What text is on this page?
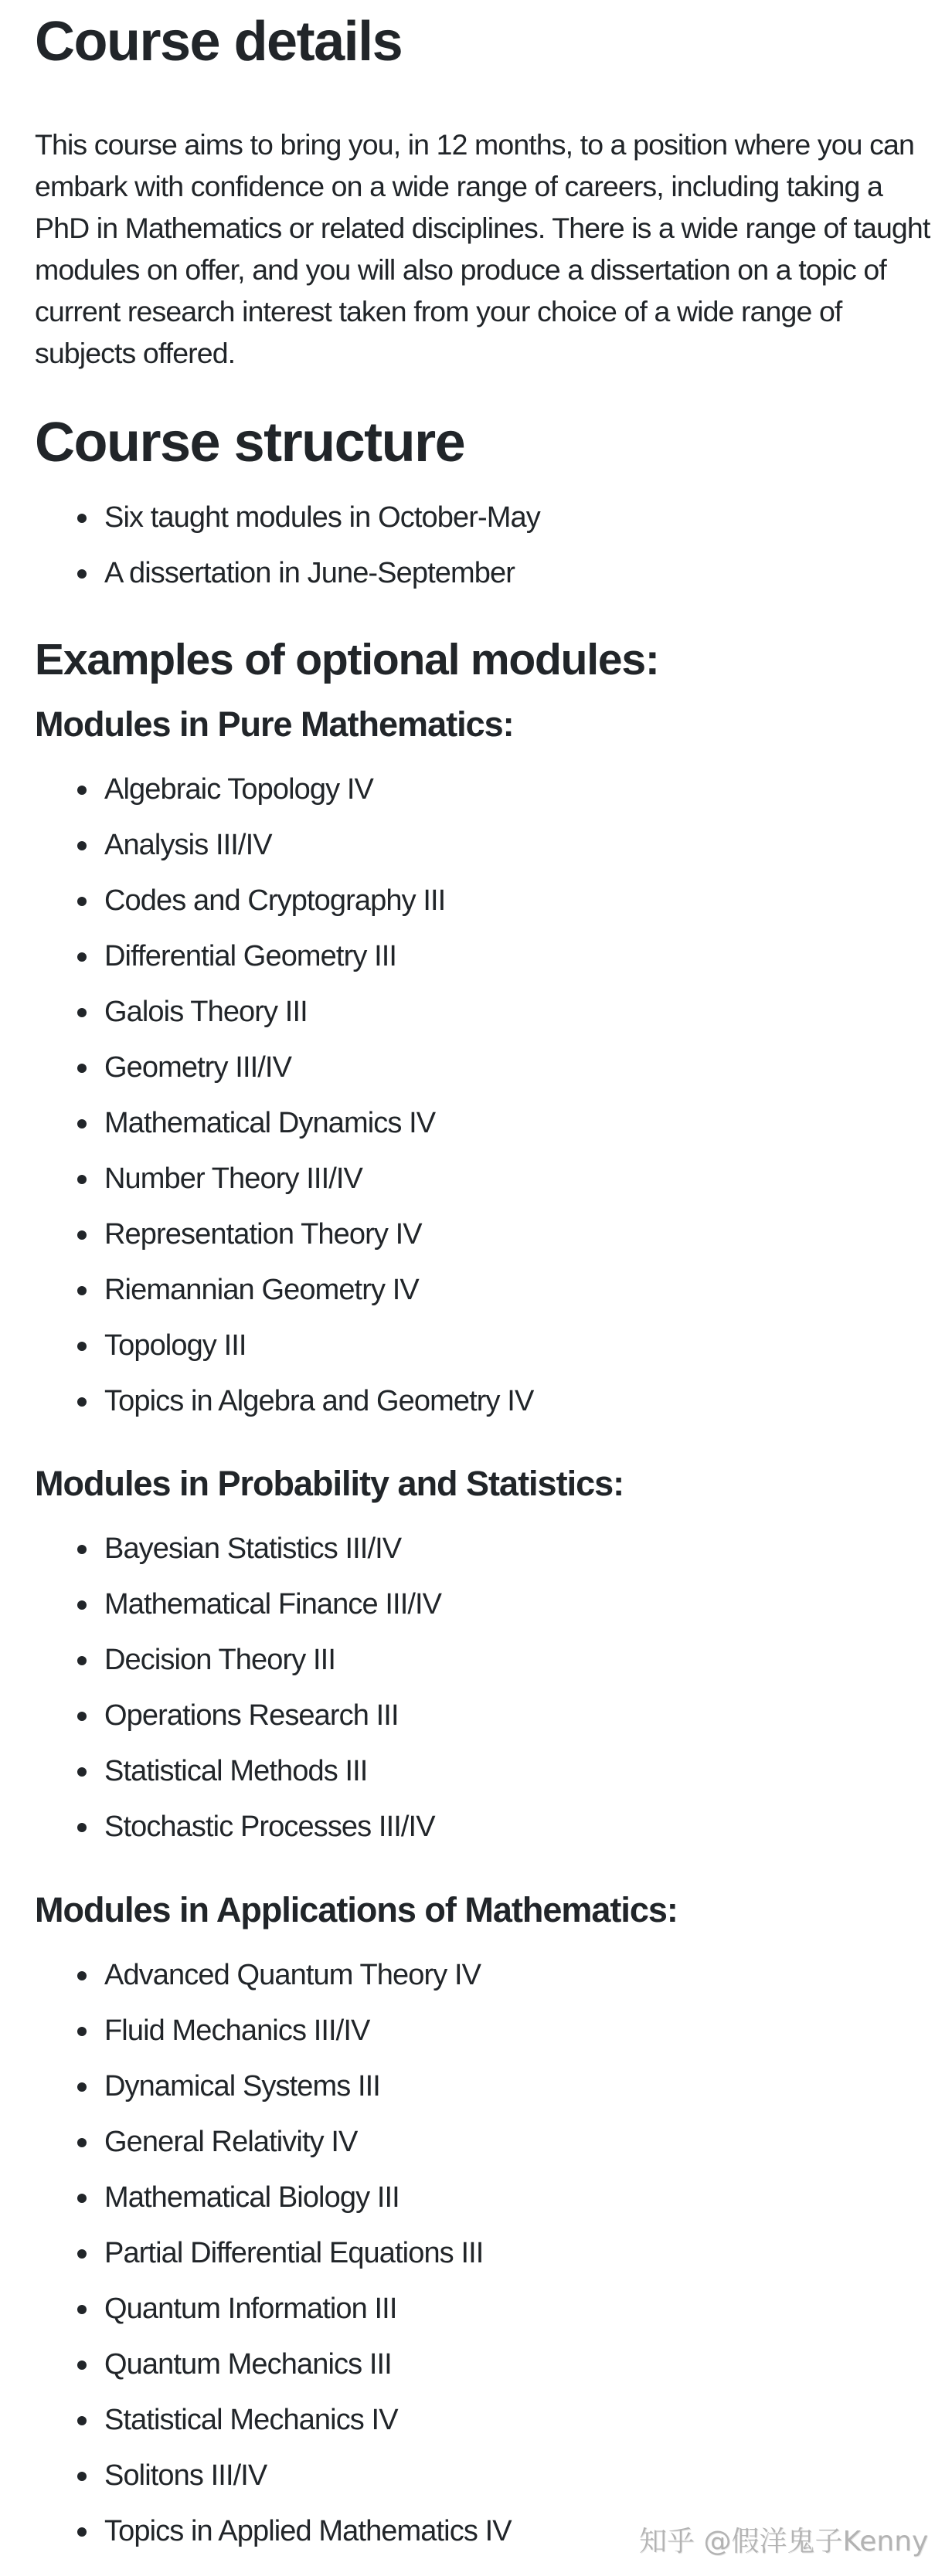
Course details

This course aims to bring you, in 12 months, to a position where you can embark with confidence on a wide range of careers, including taking a PhD in Mathematics or related disciplines. There is a wide range of taught modules on offer, and you will also produce a dissertation on a topic of current research interest taken from your choice of a wide range of subjects offered.

Course structure
Six taught modules in October-May
A dissertation in June-September
Examples of optional modules:
Modules in Pure Mathematics:
Algebraic Topology IV
Analysis III/IV
Codes and Cryptography III
Differential Geometry III
Galois Theory III
Geometry III/IV
Mathematical Dynamics IV
Number Theory III/IV
Representation Theory IV
Riemannian Geometry IV
Topology III
Topics in Algebra and Geometry IV
Modules in Probability and Statistics:
Bayesian Statistics III/IV
Mathematical Finance III/IV
Decision Theory III
Operations Research III
Statistical Methods III
Stochastic Processes III/IV
Modules in Applications of Mathematics:
Advanced Quantum Theory IV
Fluid Mechanics III/IV
Dynamical Systems III
General Relativity IV
Mathematical Biology III
Partial Differential Equations III
Quantum Information III
Quantum Mechanics III
Statistical Mechanics IV
Solitons III/IV
Topics in Applied Mathematics IV	知乎 @假洋鬼子Kenny
